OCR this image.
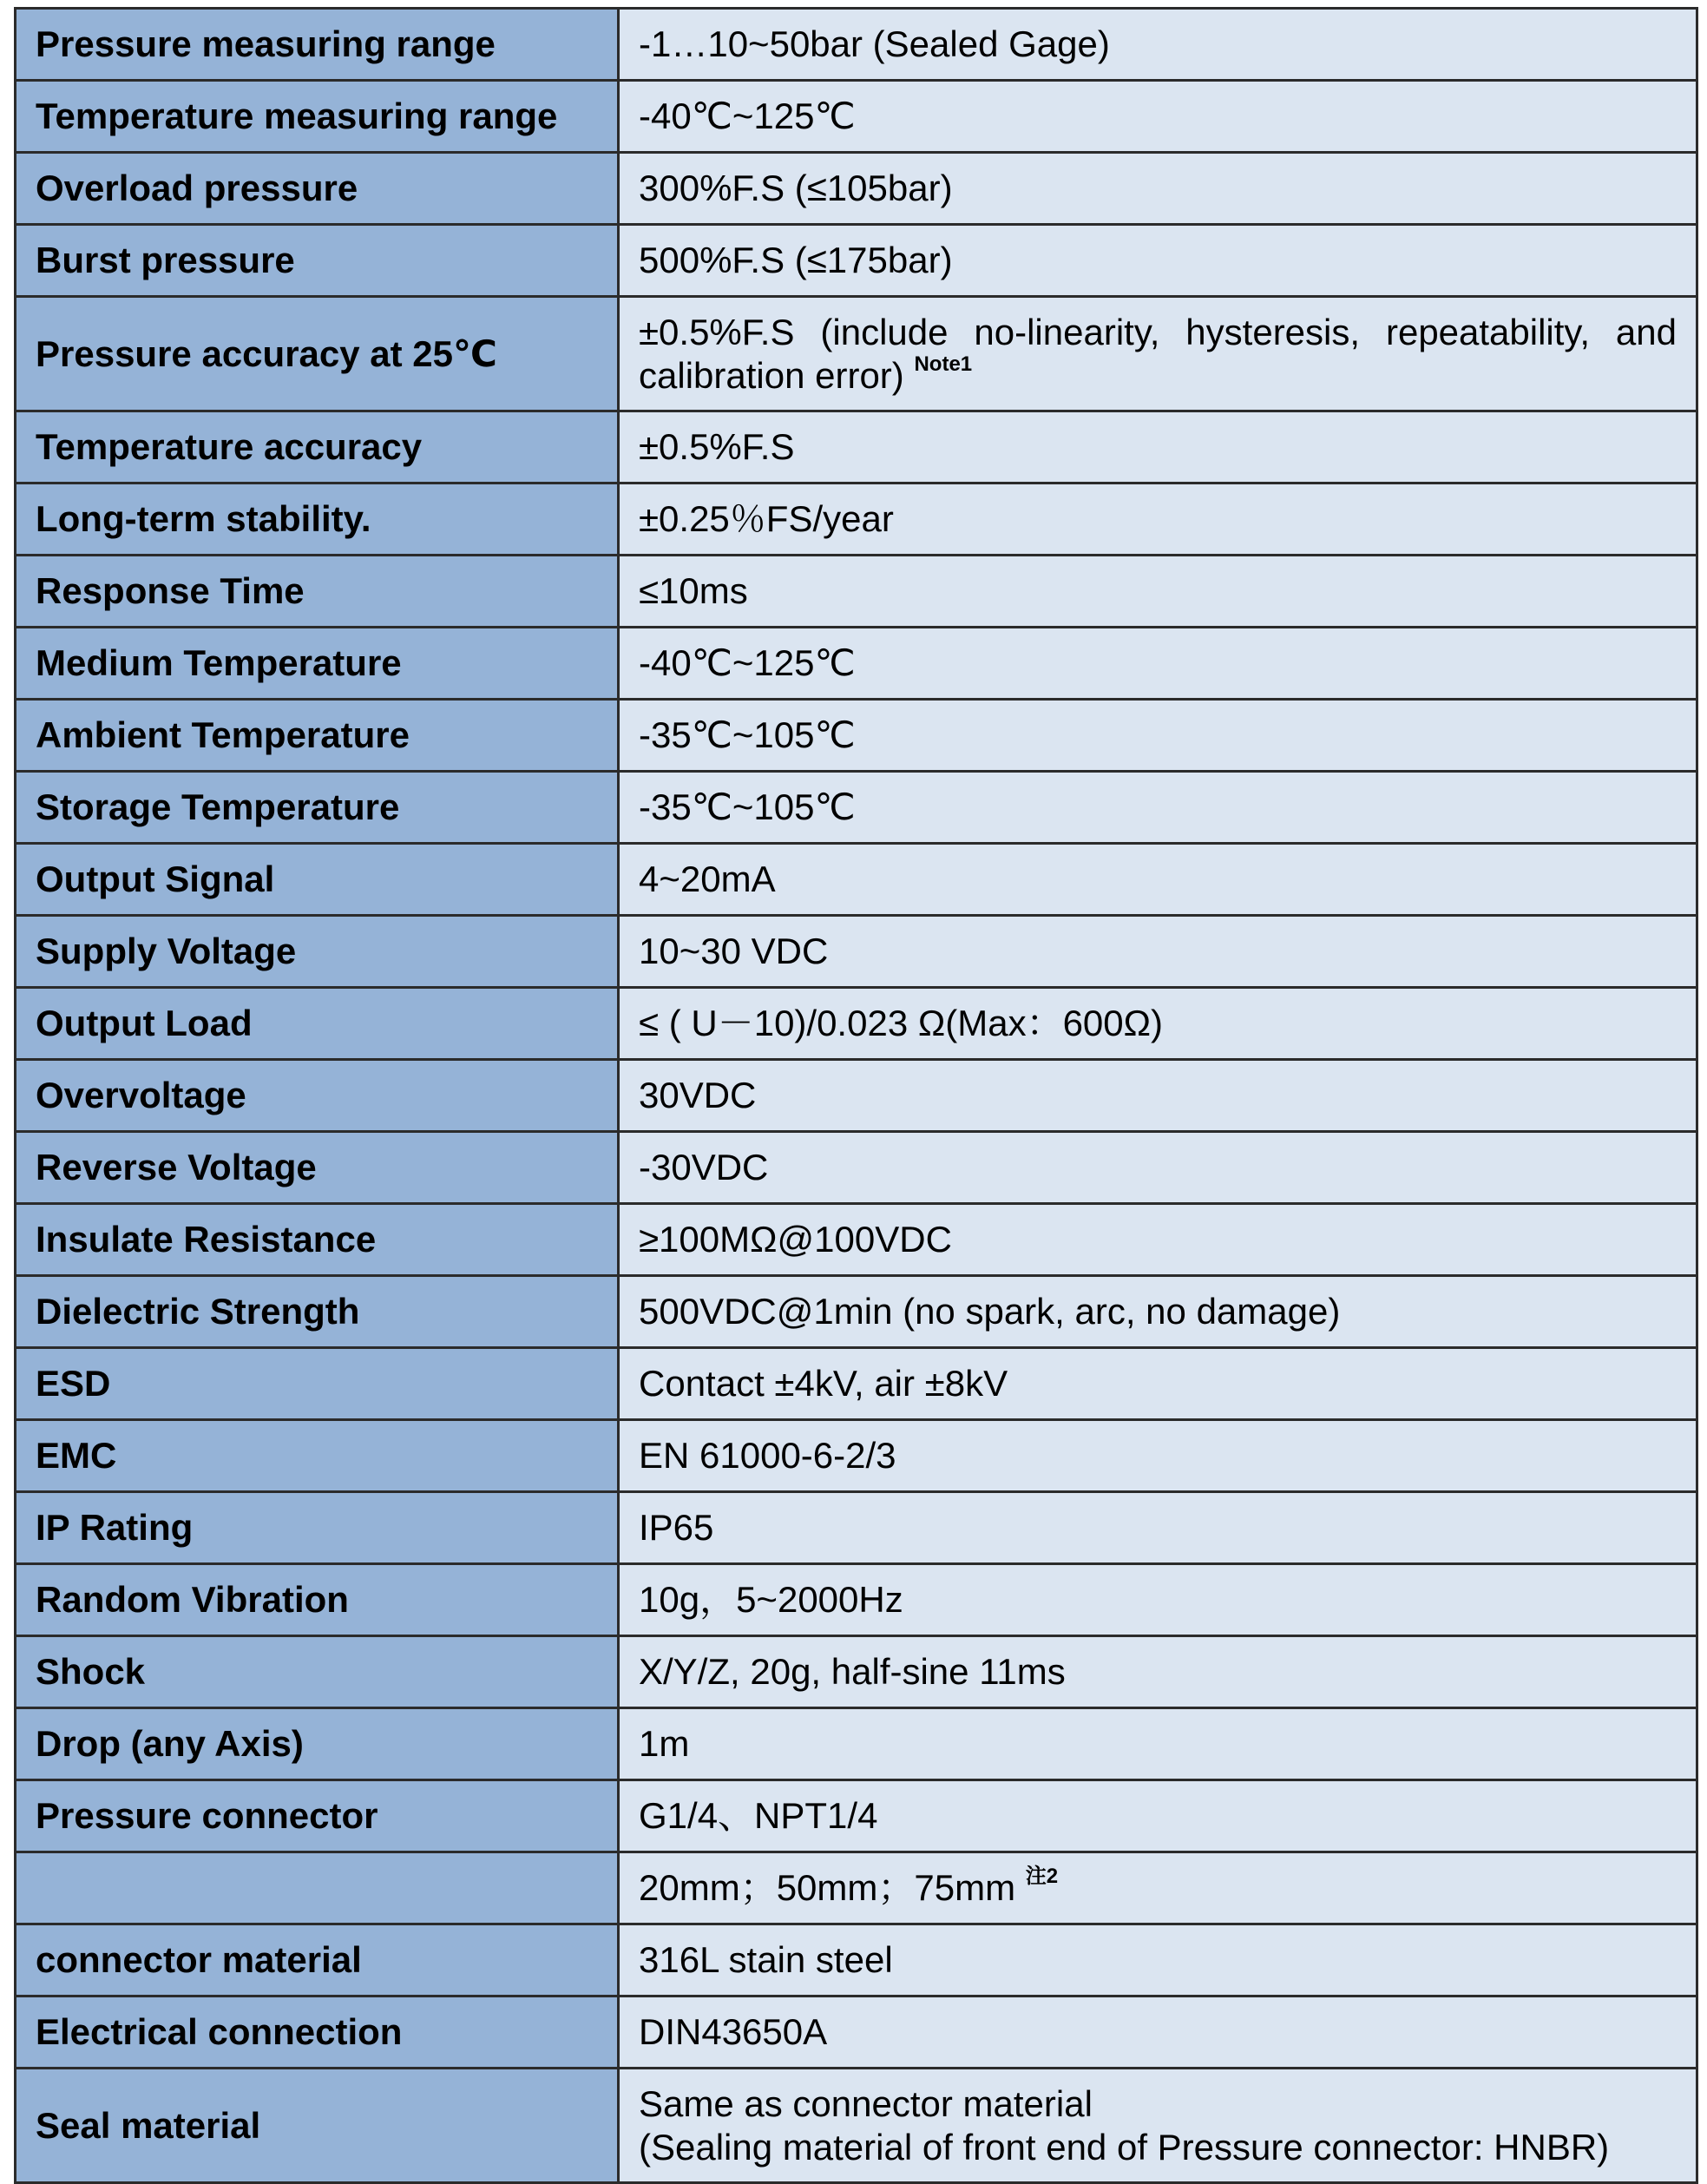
Pressure measuring range	-1…10~50bar (Sealed Gage)
Temperature measuring range	-40℃~125℃
Overload pressure	300%F.S (≤105bar)
Burst pressure	500%F.S (≤175bar)
Pressure accuracy at 25℃	±0.5%F.S (include no-linearity, hysteresis, repeatability, and calibration error) $^{Note1}$
Temperature accuracy	±0.5%F.S
Long-term stability.	±0.25％FS/year
Response Time	≤10ms
Medium Temperature	-40℃~125℃
Ambient Temperature	-35℃~105℃
Storage Temperature	-35℃~105℃
Output Signal	4~20mA
Supply Voltage	10~30 VDC
Output Load	≤ ( U－10)/0.023 Ω(Max：600Ω)
Overvoltage	30VDC
Reverse Voltage	-30VDC
Insulate Resistance	≥100MΩ@100VDC
Dielectric Strength	500VDC@1min (no spark, arc, no damage)
ESD	Contact ±4kV, air ±8kV
EMC	EN 61000-6-2/3
IP Rating	IP65
Random Vibration	10g，5~2000Hz
Shock	X/Y/Z, 20g, half-sine 11ms
Drop (any Axis)	1m
Pressure connector	G1/4、NPT1/4
	20mm；50mm；75mm $^{注2}$
connector material	316L stain steel
Electrical connection	DIN43650A
Seal material	Same as connector material
(Sealing material of front end of Pressure connector: HNBR)
